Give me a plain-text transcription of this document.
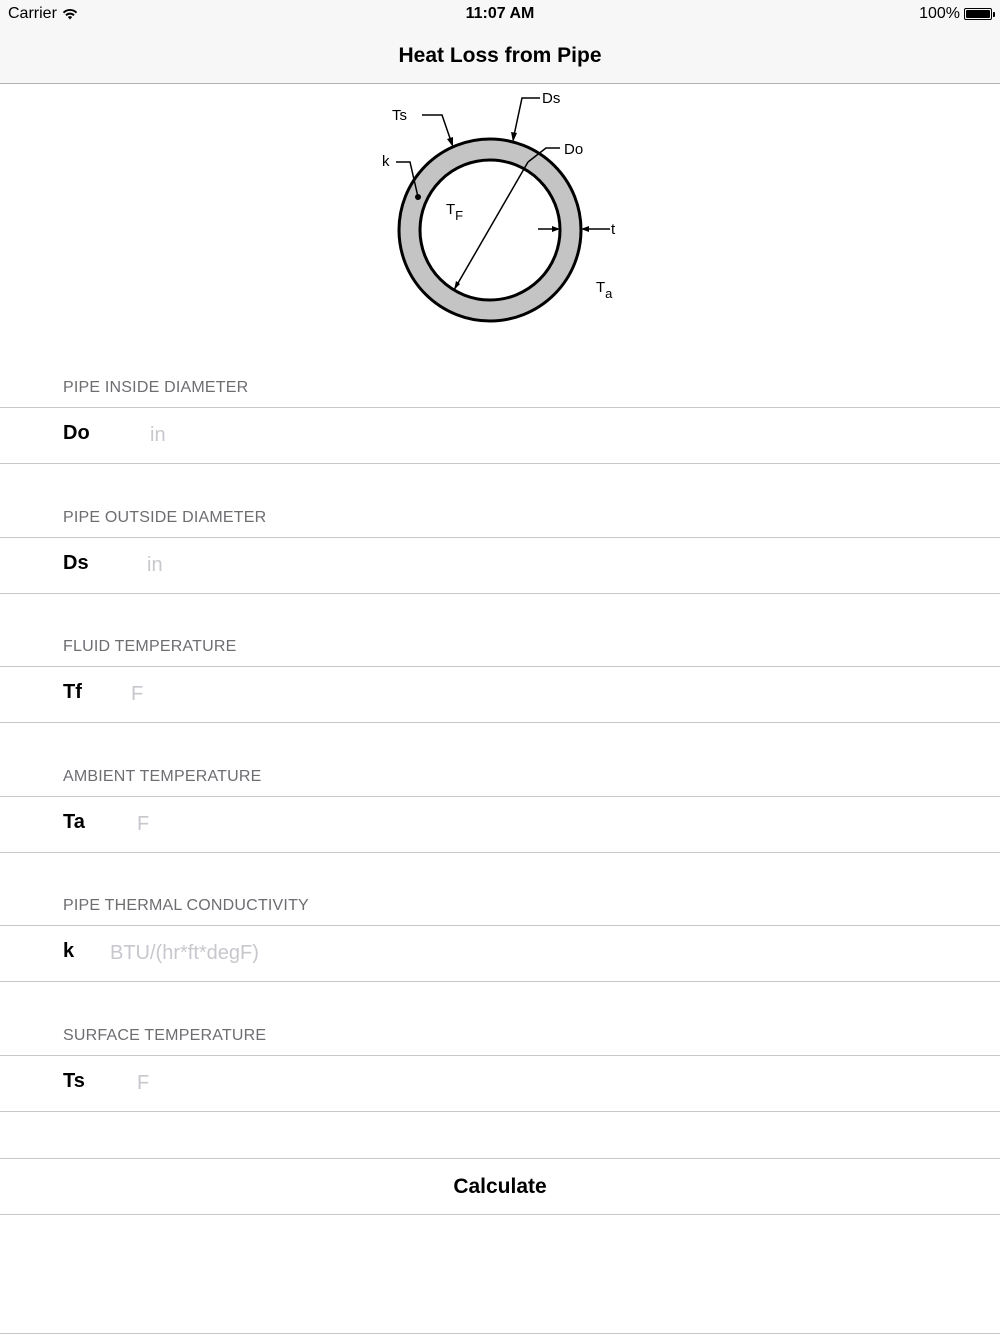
Carrier	11:07 AM	100%
Heat Loss from Pipe
Ts
Ds
Do
k
TF
t
Ta
PIPE INSIDE DIAMETER
Do
in
PIPE OUTSIDE DIAMETER
Ds
in
FLUID TEMPERATURE
Tf
F
AMBIENT TEMPERATURE
Ta
F
PIPE THERMAL CONDUCTIVITY
k
BTU/(hr*ft*degF)
SURFACE TEMPERATURE
Ts
F
Calculate
